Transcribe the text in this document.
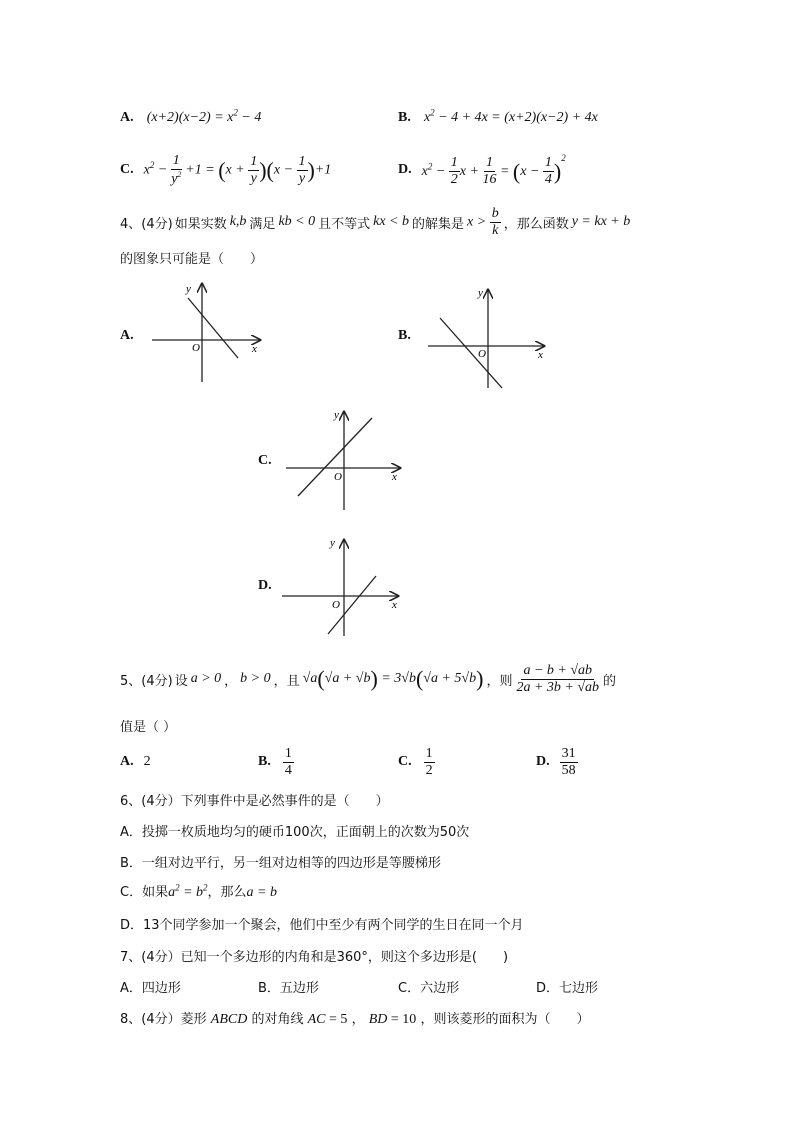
A. $(x+2)(x-2) = x^2 - 4$	B. $x^2 - 4 + 4x = (x+2)(x-2) + 4x$
C. $x^2 - \frac{1}{y^2} +1 = (x + \frac{1}{y} )(x - \frac{1}{y} )+1$	D. $x^2 - \frac{1}{2}$ $x + \frac{1}{16} = (x - \frac{1}{4} )^2$
4、(4分) 如果实数 k,b 满足 kb < 0 且不等式 kx < b 的解集是 $x > \frac{b}{k}$ ，那么函数 y = kx + b
的图象只可能是（　　）
A.
O	x
y
B.
O	x
y
C.
O	x
y
D.
O	x
y
5、(4分) 设 a > 0 ， b > 0 ，且 √a(√a + √b) = 3√b(√a + 5√b) ，则 $\frac{a - b + √ab}{2a + 3b + √ab}$ 的
值是（ ）
A. 2	B.
1
4
C.
1
2
D.
31
58
6、(4分）下列事件中是必然事件的是（　　）
A．投掷一枚质地均匀的硬币100次，正面朝上的次数为50次
B．一组对边平行，另一组对边相等的四边形是等腰梯形
C．如果$a^2 = b^2$，那么a = b
D．13个同学参加一个聚会，他们中至少有两个同学的生日在同一个月
7、(4分）已知一个多边形的内角和是360°，则这个多边形是(　　)
A．四边形	B．五边形	C．六边形	D．七边形
8、(4分）菱形 ABCD 的对角线 AC = 5 ， BD = 10 ，则该菱形的面积为（　　）
